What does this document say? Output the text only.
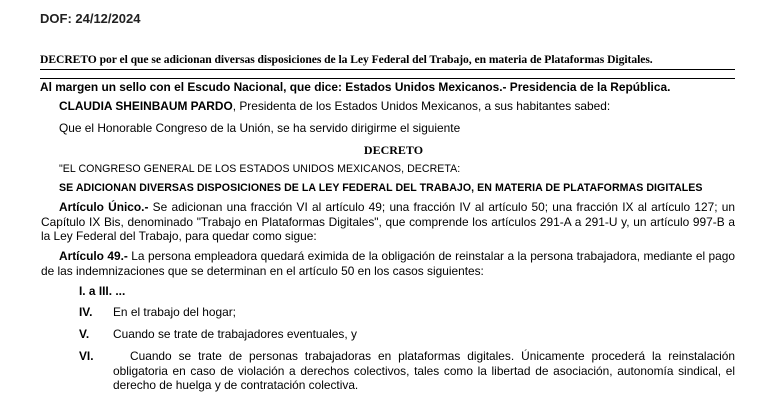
DOF: 24/12/2024
DECRETO por el que se adicionan diversas disposiciones de la Ley Federal del Trabajo, en materia de Plataformas Digitales.
Al margen un sello con el Escudo Nacional, que dice: Estados Unidos Mexicanos.- Presidencia de la República.
CLAUDIA SHEINBAUM PARDO, Presidenta de los Estados Unidos Mexicanos, a sus habitantes sabed:
Que el Honorable Congreso de la Unión, se ha servido dirigirme el siguiente
DECRETO
"EL CONGRESO GENERAL DE LOS ESTADOS UNIDOS MEXICANOS, DECRETA:
SE ADICIONAN DIVERSAS DISPOSICIONES DE LA LEY FEDERAL DEL TRABAJO, EN MATERIA DE PLATAFORMAS DIGITALES
Artículo Único.- Se adicionan una fracción VI al artículo 49; una fracción IV al artículo 50; una fracción IX al artículo 127; un Capítulo IX Bis, denominado "Trabajo en Plataformas Digitales", que comprende los artículos 291-A a 291-U y, un artículo 997-B a la Ley Federal del Trabajo, para quedar como sigue:
Artículo 49.- La persona empleadora quedará eximida de la obligación de reinstalar a la persona trabajadora, mediante el pago de las indemnizaciones que se determinan en el artículo 50 en los casos siguientes:
I. a III. ...
IV. En el trabajo del hogar;
V. Cuando se trate de trabajadores eventuales, y
VI.	Cuando se trate de personas trabajadoras en plataformas digitales. Únicamente procederá la reinstalación obligatoria en caso de violación a derechos colectivos, tales como la libertad de asociación, autonomía sindical, el derecho de huelga y de contratación colectiva.
